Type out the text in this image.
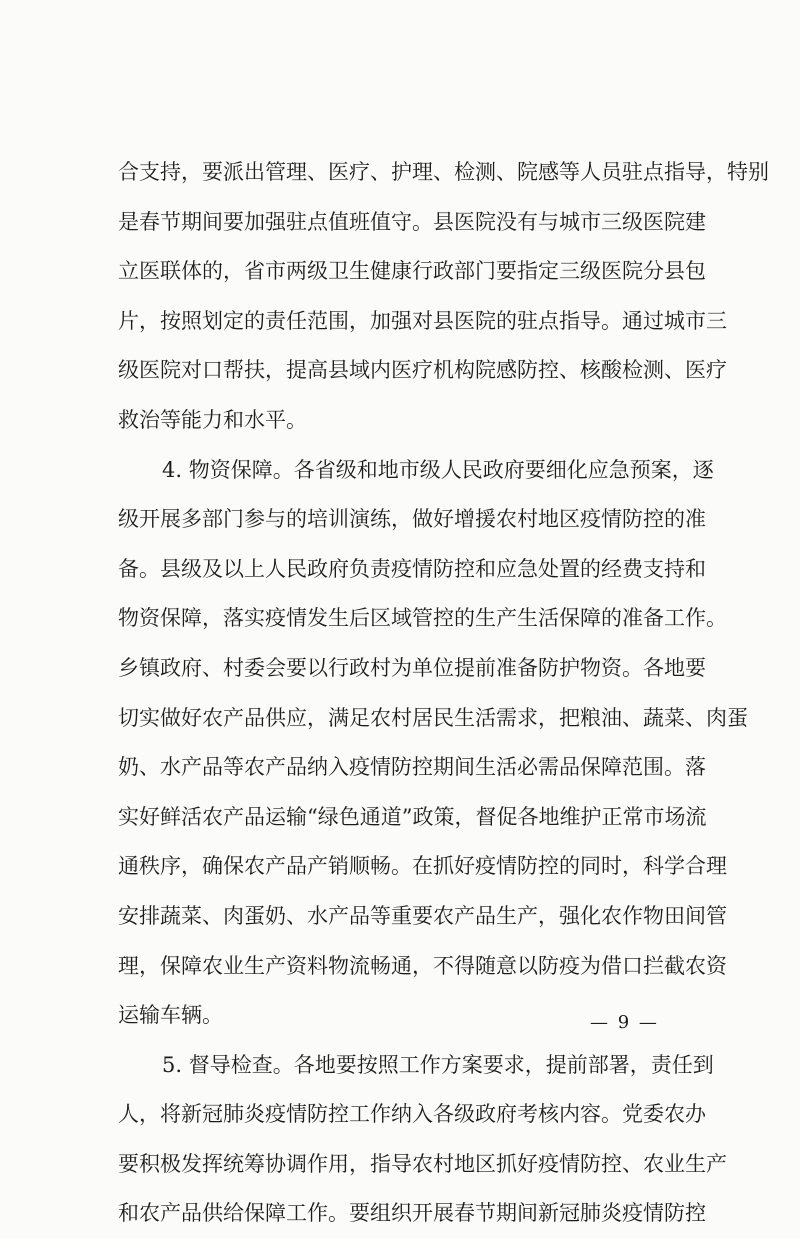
合支持，要派出管理、医疗、护理、检测、院感等人员驻点指导，特别
是春节期间要加强驻点值班值守。县医院没有与城市三级医院建
立医联体的，省市两级卫生健康行政部门要指定三级医院分县包
片，按照划定的责任范围，加强对县医院的驻点指导。通过城市三
级医院对口帮扶，提高县域内医疗机构院感防控、核酸检测、医疗
救治等能力和水平。
4. 物资保障。各省级和地市级人民政府要细化应急预案，逐
级开展多部门参与的培训演练，做好增援农村地区疫情防控的准
备。县级及以上人民政府负责疫情防控和应急处置的经费支持和
物资保障，落实疫情发生后区域管控的生产生活保障的准备工作。
乡镇政府、村委会要以行政村为单位提前准备防护物资。各地要
切实做好农产品供应，满足农村居民生活需求，把粮油、蔬菜、肉蛋
奶、水产品等农产品纳入疫情防控期间生活必需品保障范围。落
实好鲜活农产品运输“绿色通道”政策，督促各地维护正常市场流
通秩序，确保农产品产销顺畅。在抓好疫情防控的同时，科学合理
安排蔬菜、肉蛋奶、水产品等重要农产品生产，强化农作物田间管
理，保障农业生产资料物流畅通，不得随意以防疫为借口拦截农资
运输车辆。
5. 督导检查。各地要按照工作方案要求，提前部署，责任到
人，将新冠肺炎疫情防控工作纳入各级政府考核内容。党委农办
要积极发挥统筹协调作用，指导农村地区抓好疫情防控、农业生产
和农产品供给保障工作。要组织开展春节期间新冠肺炎疫情防控
— 9 —
